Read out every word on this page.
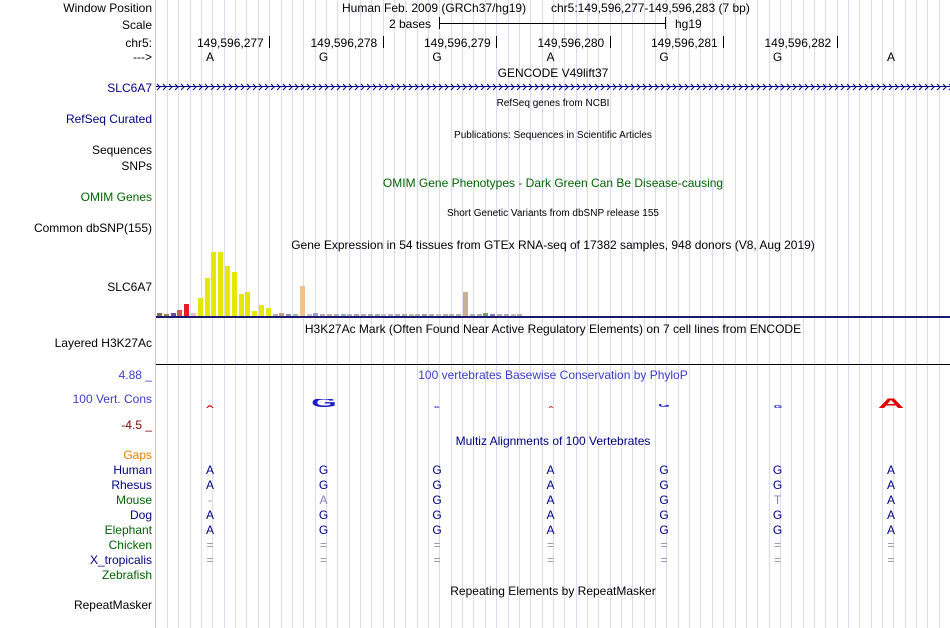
Window Position	Human Feb. 2009 (GRCh37/hg19) chr5:149,596,277-149,596,283 (7 bp)
Scale	2 bases	hg19
chr5:	149,596,277	149,596,278	149,596,279	149,596,280	149,596,281	149,596,282
--->	A	G	G	A	G	G	A
GENCODE V49lift37
SLC6A7
RefSeq genes from NCBI
RefSeq Curated
Publications: Sequences in Scientific Articles
Sequences
SNPs
OMIM Gene Phenotypes - Dark Green Can Be Disease-causing
OMIM Genes
Short Genetic Variants from dbSNP release 155
Common dbSNP(155)
Gene Expression in 54 tissues from GTEx RNA-seq of 17382 samples, 948 donors (V8, Aug 2019)
SLC6A7
H3K27Ac Mark (Often Found Near Active Regulatory Elements) on 7 cell lines from ENCODE
Layered H3K27Ac
4.88 _	100 vertebrates Basewise Conservation by PhyloP
100 Vert. Cons
-4.5 _
A	G	G	A	G	G	A
Multiz Alignments of 100 Vertebrates
Gaps
Human	A	G	G	A	G	G	A
Rhesus	A	G	G	A	G	G	A
Mouse	-	A	G	A	G	T	A
Dog	A	G	G	A	G	G	A
Elephant	A	G	G	A	G	G	A
Chicken	=	=	=	=	=	=	=
X_tropicalis	=	=	=	=	=	=	=
Zebrafish
Repeating Elements by RepeatMasker
RepeatMasker
